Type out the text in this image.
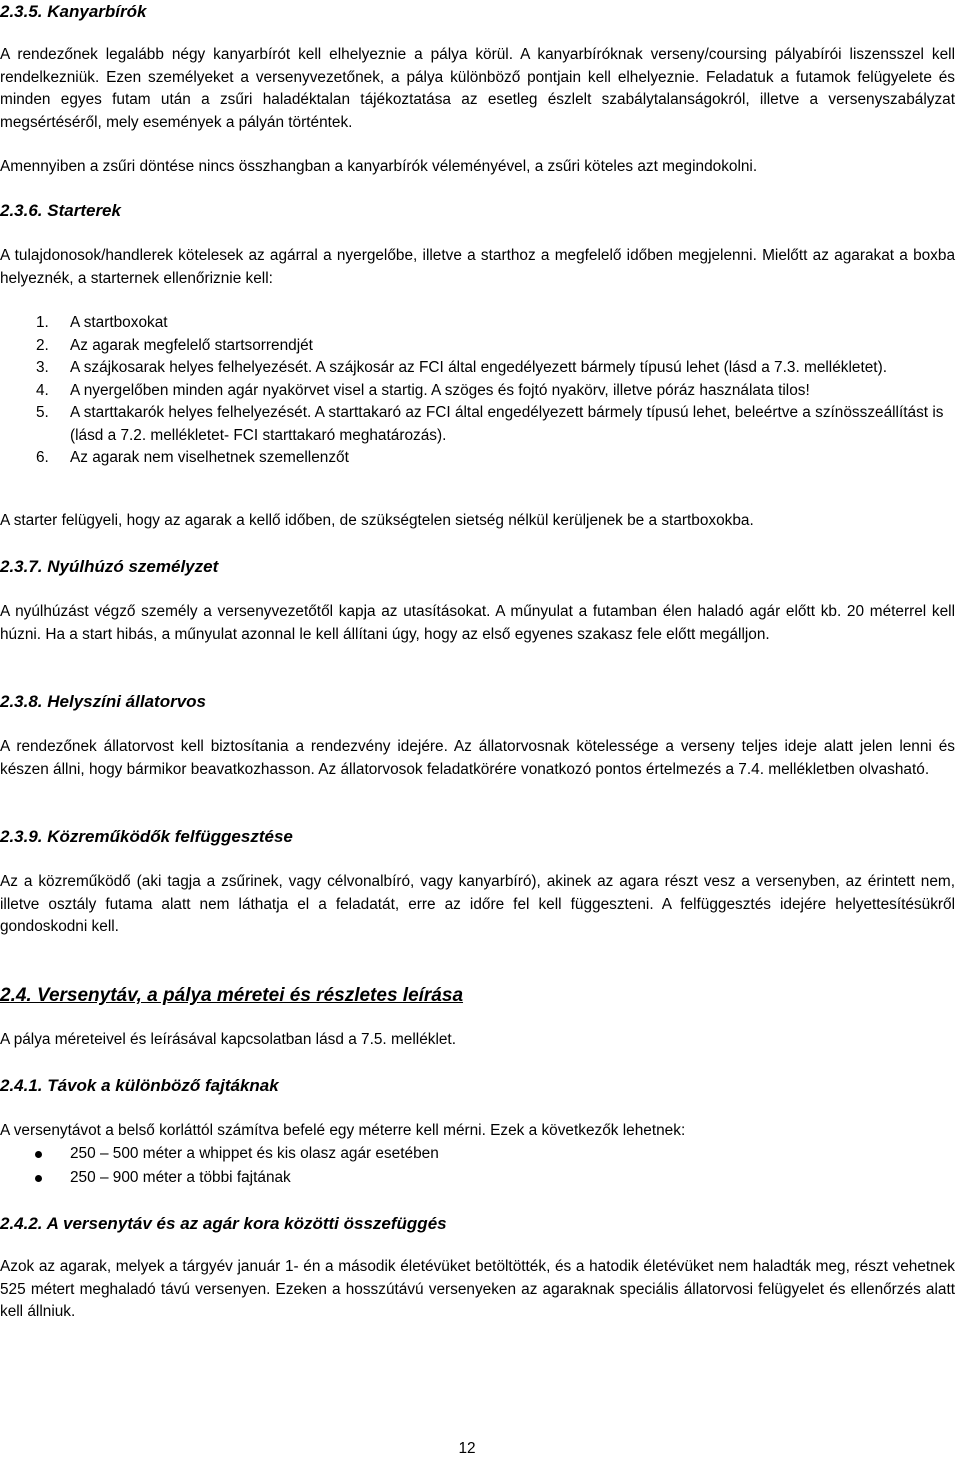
2.3.5. Kanyarbírók

A rendezőnek legalább négy kanyarbírót kell elhelyeznie a pálya körül. A kanyarbíróknak verseny/coursing pályabírói liszensszel kell rendelkezniük. Ezen személyeket a versenyvezetőnek, a pálya különböző pontjain kell elhelyeznie. Feladatuk a futamok felügyelete és minden egyes futam után a zsűri haladéktalan tájékoztatása az esetleg észlelt szabálytalanságokról, illetve a versenyszabályzat megsértéséről, mely események a pályán történtek.

Amennyiben a zsűri döntése nincs összhangban a kanyarbírók véleményével, a zsűri köteles azt megindokolni.

2.3.6. Starterek

A tulajdonosok/handlerek kötelesek az agárral a nyergelőbe, illetve a starthoz a megfelelő időben megjelenni. Mielőtt az agarakat a boxba helyeznék, a starternek ellenőriznie kell:

1. A startboxokat
2. Az agarak megfelelő startsorrendjét
3. A szájkosarak helyes felhelyezését. A szájkosár az FCI által engedélyezett bármely típusú lehet (lásd a 7.3. mellékletet).
4. A nyergelőben minden agár nyakörvet visel a startig. A szöges és fojtó nyakörv, illetve póráz használata tilos!
5. A starttakarók helyes felhelyezését. A starttakaró az FCI által engedélyezett bármely típusú lehet, beleértve a színösszeállítást is (lásd a 7.2. mellékletet- FCI starttakaró meghatározás).
6. Az agarak nem viselhetnek szemellenzőt

A starter felügyeli, hogy az agarak a kellő időben, de szükségtelen sietség nélkül kerüljenek be a startboxokba.

2.3.7. Nyúlhúzó személyzet

A nyúlhúzást végző személy a versenyvezetőtől kapja az utasításokat. A műnyulat a futamban élen haladó agár előtt kb. 20 méterrel kell húzni. Ha a start hibás, a műnyulat azonnal le kell állítani úgy, hogy az első egyenes szakasz fele előtt megálljon.

2.3.8. Helyszíni állatorvos

A rendezőnek állatorvost kell biztosítania a rendezvény idejére. Az állatorvosnak kötelessége a verseny teljes ideje alatt jelen lenni és készen állni, hogy bármikor beavatkozhasson. Az állatorvosok feladatkörére vonatkozó pontos értelmezés a 7.4. mellékletben olvasható.

2.3.9. Közreműködők felfüggesztése

Az a közreműködő (aki tagja a zsűrinek, vagy célvonalbíró, vagy kanyarbíró), akinek az agara részt vesz a versenyben, az érintett nem, illetve osztály futama alatt nem láthatja el a feladatát, erre az időre fel kell függeszteni. A felfüggesztés idejére helyettesítésükről gondoskodni kell.

2.4. Versenytáv, a pálya méretei és részletes leírása

A pálya méreteivel és leírásával kapcsolatban lásd a 7.5. melléklet.

2.4.1. Távok a különböző fajtáknak

A versenytávot a belső korláttól számítva befelé egy méterre kell mérni. Ezek a következők lehetnek:

250 – 500 méter a whippet és kis olasz agár esetében
250 – 900 méter a többi fajtának
2.4.2. A versenytáv és az agár kora közötti összefüggés

Azok az agarak, melyek a tárgyév január 1- én a második életévüket betöltötték, és a hatodik életévüket nem haladták meg, részt vehetnek 525 métert meghaladó távú versenyen. Ezeken a hosszútávú versenyeken az agaraknak speciális állatorvosi felügyelet és ellenőrzés alatt kell állniuk.

12
